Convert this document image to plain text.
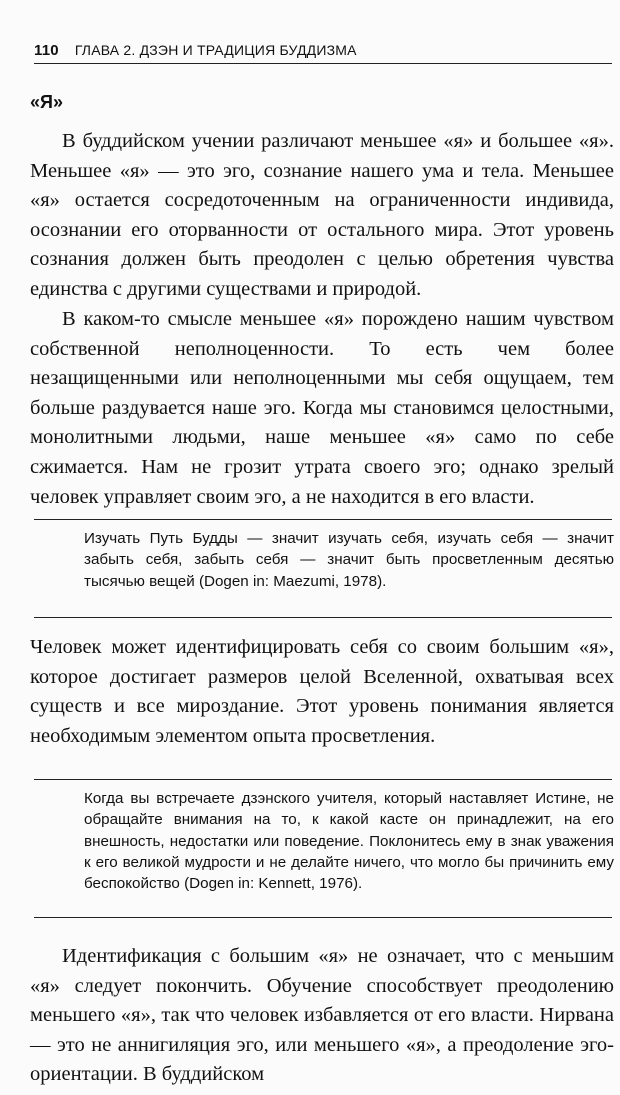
110 ГЛАВА 2. ДЗЭН И ТРАДИЦИЯ БУДДИЗМА
«Я»

В буддийском учении различают меньшее «я» и большее «я». Меньшее «я» — это эго, сознание нашего ума и тела. Меньшее «я» остается сосредоточенным на ограниченности индивида, осознании его оторванности от остального мира. Этот уровень сознания должен быть преодолен с целью обретения чувства единства с другими существами и природой.

В каком-то смысле меньшее «я» порождено нашим чувством собственной неполноценности. То есть чем более незащищенными или неполноценными мы себя ощущаем, тем больше раздувается наше эго. Когда мы становимся целостными, монолитными людьми, наше меньшее «я» само по себе сжимается. Нам не грозит утрата своего эго; однако зрелый человек управляет своим эго, а не находится в его власти.

Изучать Путь Будды — значит изучать себя, изучать себя — значит забыть себя, забыть себя — значит быть просветленным десятью тысячью вещей (Dogen in: Maezumi, 1978).

Человек может идентифицировать себя со своим большим «я», которое достигает размеров целой Вселенной, охватывая всех существ и все мироздание. Этот уровень понимания является необходимым элементом опыта просветления.

Когда вы встречаете дзэнского учителя, который наставляет Истине, не обращайте внимания на то, к какой касте он принадлежит, на его внешность, недостатки или поведение. Поклонитесь ему в знак уважения к его великой мудрости и не делайте ничего, что могло бы причинить ему беспокойство (Dogen in: Kennett, 1976).

Идентификация с большим «я» не означает, что с меньшим «я» следует покончить. Обучение способствует преодолению меньшего «я», так что человек избавляется от его власти. Нирвана — это не аннигиляция эго, или меньшего «я», а преодоление эго-ориентации. В буддийском
